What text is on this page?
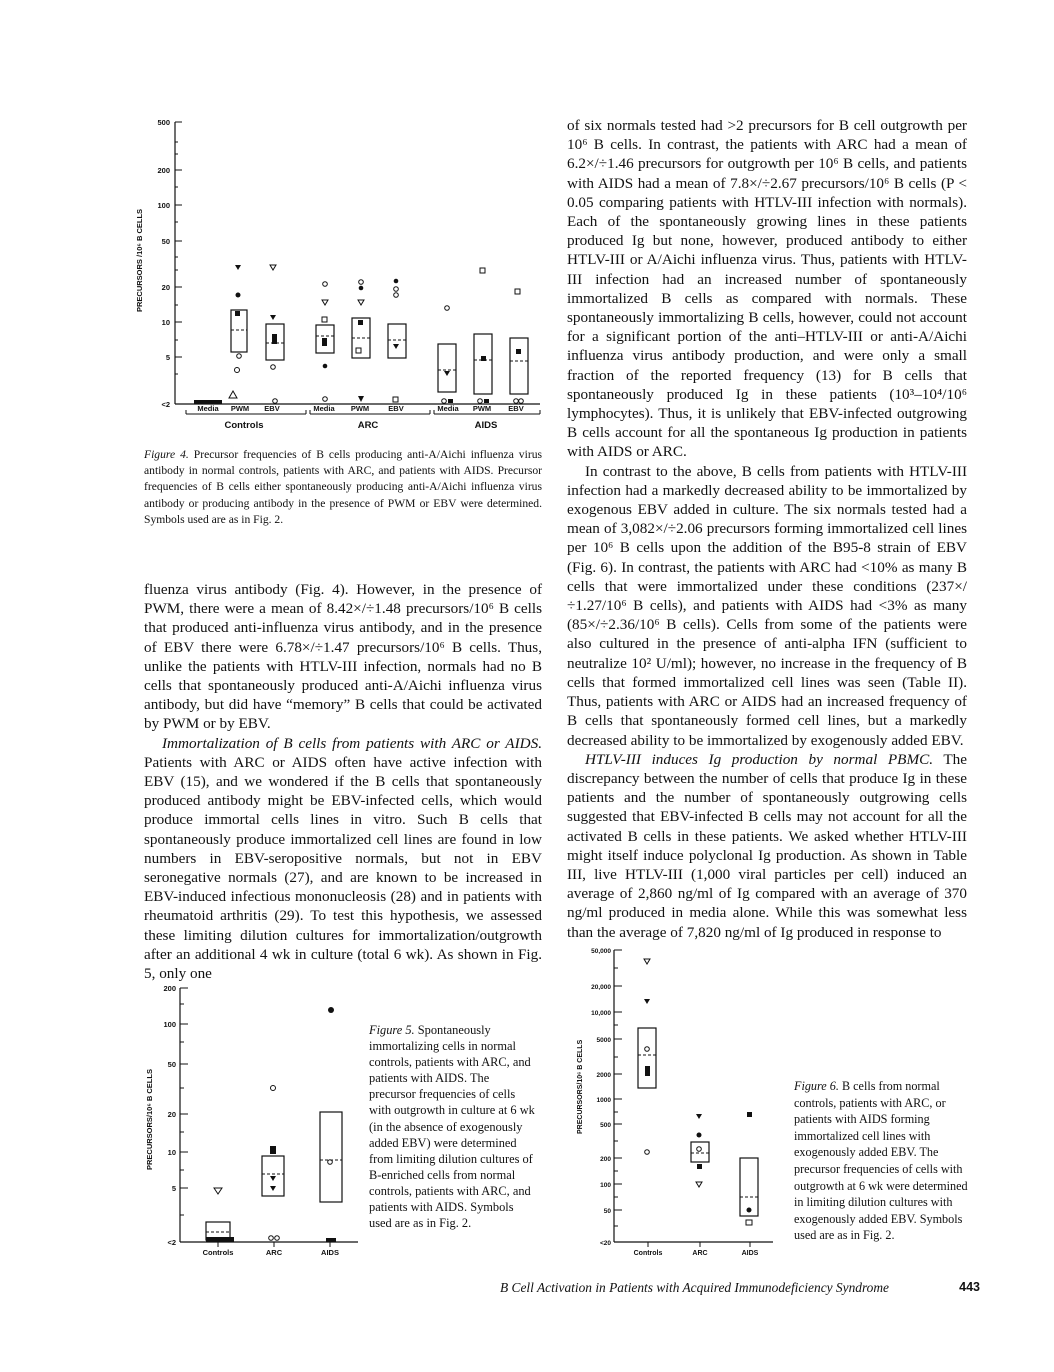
500
200
100
50
20
10
5
<2
PRECURSORS /10⁶ B CELLS
Media PWM EBV	Media PWM	EBV	Media PWM EBV
Controls	ARC	AIDS

Figure 4. Precursor frequencies of B cells producing anti-A/Aichi influenza virus antibody in normal controls, patients with ARC, and patients with AIDS. Precursor frequencies of B cells either spontaneously producing anti-A/Aichi influenza virus antibody or producing antibody in the presence of PWM or EBV were determined. Symbols used are as in Fig. 2.

fluenza virus antibody (Fig. 4). However, in the presence of PWM, there were a mean of 8.42×/÷1.48 precursors/10⁶ B cells that produced anti-influenza virus antibody, and in the presence of EBV there were 6.78×/÷1.47 precursors/10⁶ B cells. Thus, unlike the patients with HTLV-III infection, normals had no B cells that spontaneously produced anti-A/Aichi influenza virus antibody, but did have “memory” B cells that could be activated by PWM or by EBV.

Immortalization of B cells from patients with ARC or AIDS. Patients with ARC or AIDS often have active infection with EBV (15), and we wondered if the B cells that spontaneously produced antibody might be EBV-infected cells, which would produce immortal cells lines in vitro. Such B cells that spontaneously produce immortalized cell lines are found in low numbers in EBV-seropositive normals, but not in EBV seronegative normals (27), and are known to be increased in EBV-induced infectious mononucleosis (28) and in patients with rheumatoid arthritis (29). To test this hypothesis, we assessed these limiting dilution cultures for immortalization/outgrowth after an additional 4 wk in culture (total 6 wk). As shown in Fig. 5, only one

of six normals tested had >2 precursors for B cell outgrowth per 10⁶ B cells. In contrast, the patients with ARC had a mean of 6.2×/÷1.46 precursors for outgrowth per 10⁶ B cells, and patients with AIDS had a mean of 7.8×/÷2.67 precursors/10⁶ B cells (P < 0.05 comparing patients with HTLV-III infection with normals). Each of the spontaneously growing lines in these patients produced Ig but none, however, produced antibody to either HTLV-III or A/Aichi influenza virus. Thus, patients with HTLV-III infection had an increased number of spontaneously immortalized B cells as compared with normals. These spontaneously immortalizing B cells, however, could not account for a significant portion of the anti–HTLV-III or anti-A/Aichi influenza virus antibody production, and were only a small fraction of the reported frequency (13) for B cells that spontaneously produced Ig in these patients (10³–10⁴/10⁶ lymphocytes). Thus, it is unlikely that EBV-infected outgrowing B cells account for all the spontaneous Ig production in patients with AIDS or ARC.

In contrast to the above, B cells from patients with HTLV-III infection had a markedly decreased ability to be immortalized by exogenous EBV added in culture. The six normals tested had a mean of 3,082×/÷2.06 precursors forming immortalized cell lines per 10⁶ B cells upon the addition of the B95-8 strain of EBV (Fig. 6). In contrast, the patients with ARC had <10% as many B cells that were immortalized under these conditions (237×/÷1.27/10⁶ B cells), and patients with AIDS had <3% as many (85×/÷2.36/10⁶ B cells). Cells from some of the patients were also cultured in the presence of anti-alpha IFN (sufficient to neutralize 10² U/ml); however, no increase in the frequency of B cells that formed immortalized cell lines was seen (Table II). Thus, patients with ARC or AIDS had an increased frequency of B cells that spontaneously formed cell lines, but a markedly decreased ability to be immortalized by exogenously added EBV.

HTLV-III induces Ig production by normal PBMC. The discrepancy between the number of cells that produce Ig in these patients and the number of spontaneously outgrowing cells suggested that EBV-infected B cells may not account for all the activated B cells in these patients. We asked whether HTLV-III might itself induce polyclonal Ig production. As shown in Table III, live HTLV-III (1,000 viral particles per cell) induced an average of 2,860 ng/ml of Ig compared with an average of 370 ng/ml produced in media alone. While this was somewhat less than the average of 7,820 ng/ml of Ig produced in response to

200
100
50
20
10
5
<2
PRECURSORS/10⁶ B CELLS
Controls	ARC	AIDS

Figure 5. Spontaneously immortalizing cells in normal controls, patients with ARC, and patients with AIDS. The precursor frequencies of cells with outgrowth in culture at 6 wk (in the absence of exogenously added EBV) were determined from limiting dilution cultures of B-enriched cells from normal controls, patients with ARC, and patients with AIDS. Symbols used are as in Fig. 2.

50,000
20,000
10,000
5000
2000
1000
500
200
100
50
<20
PRECURSORS/10⁶ B CELLS
Controls	ARC	AIDS

Figure 6. B cells from normal controls, patients with ARC, or patients with AIDS forming immortalized cell lines with exogenously added EBV. The precursor frequencies of cells with outgrowth at 6 wk were determined in limiting dilution cultures with exogenously added EBV. Symbols used are as in Fig. 2.

B Cell Activation in Patients with Acquired Immunodeficiency Syndrome	443
